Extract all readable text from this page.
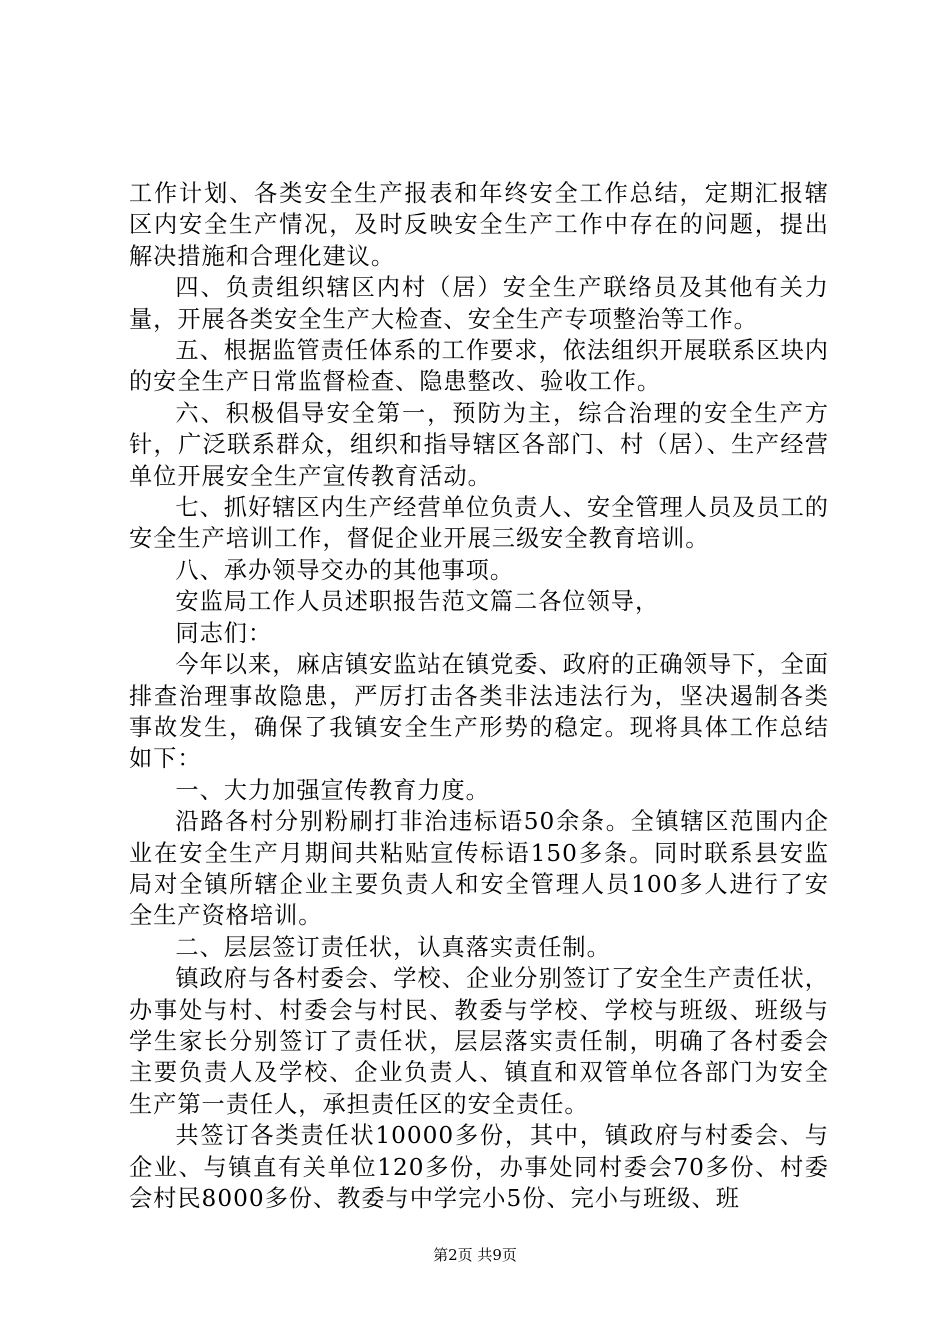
工作计划、各类安全生产报表和年终安全工作总结，定期汇报辖区内安全生产情况，及时反映安全生产工作中存在的问题，提出解决措施和合理化建议。

四、负责组织辖区内村（居）安全生产联络员及其他有关力量，开展各类安全生产大检查、安全生产专项整治等工作。

五、根据监管责任体系的工作要求，依法组织开展联系区块内的安全生产日常监督检查、隐患整改、验收工作。

六、积极倡导安全第一，预防为主，综合治理的安全生产方针，广泛联系群众，组织和指导辖区各部门、村（居）、生产经营单位开展安全生产宣传教育活动。

七、抓好辖区内生产经营单位负责人、安全管理人员及员工的安全生产培训工作，督促企业开展三级安全教育培训。

八、承办领导交办的其他事项。

安监局工作人员述职报告范文篇二各位领导，

同志们：

今年以来，麻店镇安监站在镇党委、政府的正确领导下，全面排查治理事故隐患，严厉打击各类非法违法行为，坚决遏制各类事故发生，确保了我镇安全生产形势的稳定。现将具体工作总结如下：

一、大力加强宣传教育力度。

沿路各村分别粉刷打非治违标语50余条。全镇辖区范围内企业在安全生产月期间共粘贴宣传标语150多条。同时联系县安监局对全镇所辖企业主要负责人和安全管理人员100多人进行了安全生产资格培训。

二、层层签订责任状，认真落实责任制。

镇政府与各村委会、学校、企业分别签订了安全生产责任状，办事处与村、村委会与村民、教委与学校、学校与班级、班级与学生家长分别签订了责任状，层层落实责任制，明确了各村委会主要负责人及学校、企业负责人、镇直和双管单位各部门为安全生产第一责任人，承担责任区的安全责任。

共签订各类责任状10000多份，其中，镇政府与村委会、与企业、与镇直有关单位120多份，办事处同村委会70多份、村委会村民8000多份、教委与中学完小5份、完小与班级、班

第2页 共9页
